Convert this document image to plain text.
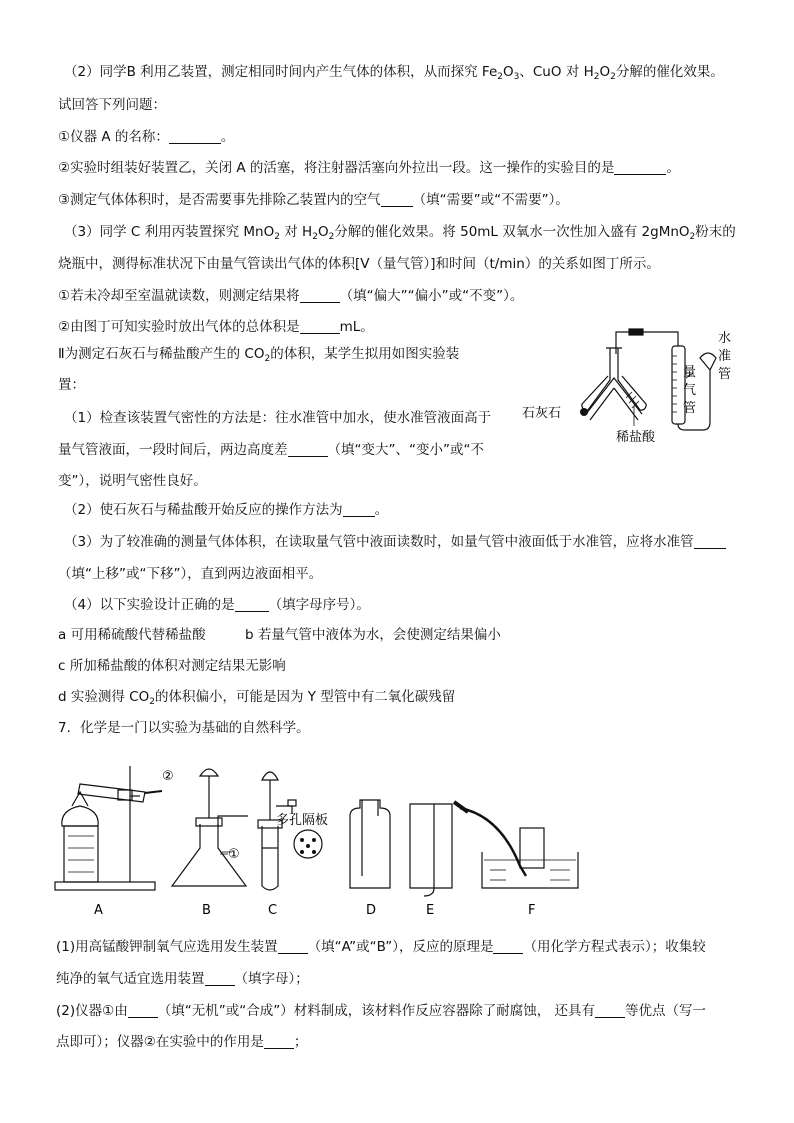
（2）同学B 利用乙装置，测定相同时间内产生气体的体积，从而探究 $Fe_2O_3$、CuO 对 $H_2O_2$分解的催化效果。
试回答下列问题：
①仪器 A 的名称：	。
②实验时组装好装置乙，关闭 A 的活塞，将注射器活塞向外拉出一段。这一操作的实验目的是	。
③测定气体体积时，是否需要事先排除乙装置内的空气 （填“需要”或“不需要”）。
（3）同学 C 利用丙装置探究 MnO$_2$ 对 $H_2O_2$分解的催化效果。将 50mL 双氧水一次性加入盛有 2gMnO$_2$粉末的
烧瓶中，测得标准状况下由量气管读出气体的体积[V（量气管）]和时间（t/min）的关系如图丁所示。
①若未冷却至室温就读数，则测定结果将	（填“偏大”“偏小”或“不变”）。
②由图丁可知实验时放出气体的总体积是	mL。
Ⅱ为测定石灰石与稀盐酸产生的 $CO_2$的体积，某学生拟用如图实验装
置：
（1）检查该装置气密性的方法是：往水准管中加水，使水准管液面高于
量气管液面，一段时间后，两边高度差	（填“变大”、“变小”或“不
变”），说明气密性良好。
（2）使石灰石与稀盐酸开始反应的操作方法为 。
（3）为了较准确的测量气体体积，在读取量气管中液面读数时，如量气管中液面低于水准管，应将水准管
（填“上移”或“下移”），直到两边液面相平。
（4）以下实验设计正确的是	（填字母序号）。
a 可用稀硫酸代替稀盐酸	b 若量气管中液体为水，会使测定结果偏小
c 所加稀盐酸的体积对测定结果无影响
d 实验测得 $CO_2$的体积偏小，可能是因为 Y 型管中有二氧化碳残留
水
准
管
量
气
管
石灰石
稀盐酸
7．化学是一门以实验为基础的自然科学。
②
①
多孔隔板
A	B	C	D	E	F
(1)用高锰酸钾制氧气应选用发生装置 （填“A”或“B”），反应的原理是 （用化学方程式表示）；收集较
纯净的氧气适宜选用装置 （填字母）；
(2)仪器①由 （填“无机”或“合成”）材料制成，该材料作反应容器除了耐腐蚀， 还具有 等优点（写一
点即可）；仪器②在实验中的作用是 ；
